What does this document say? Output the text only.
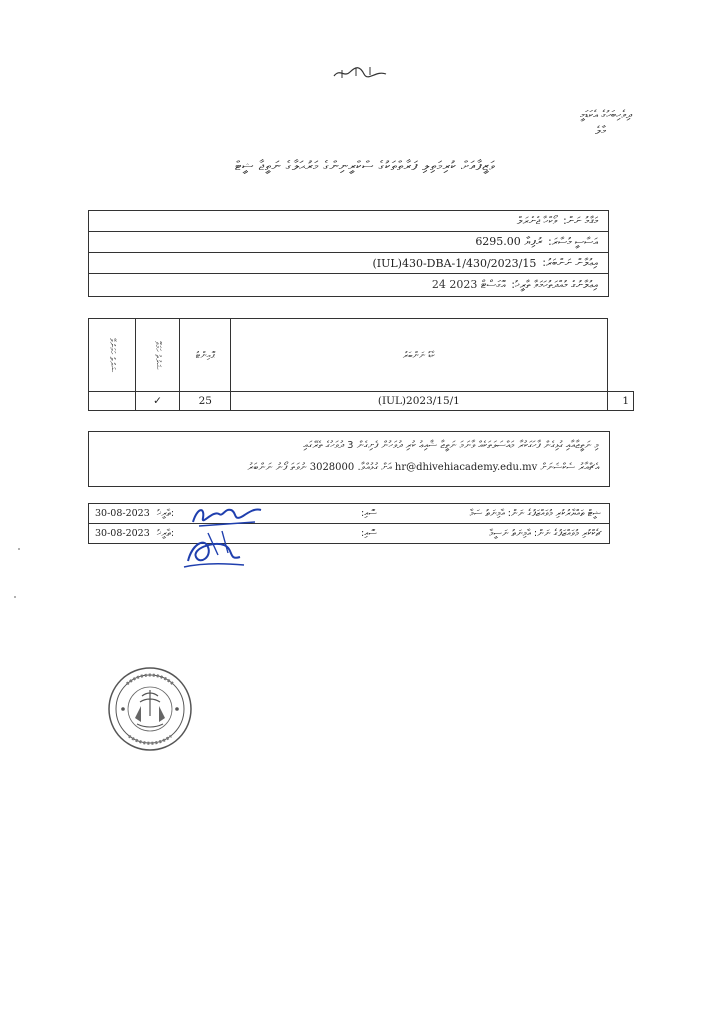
ދިވެހިބަހުގެ އެކަޑަމީ
މާލެ
ވަޒީފާއަށް ކުރިމަތިލި ފަރާތްތަކުގެ ސްކްރީނިންގެ މަރުޙަލާގެ ނަތީޖާ ޝީޓް
މަޤާމު ނަން:
ވޯކްހާ ޖެނެރަލް
އަސާސީ މުސާރަ:
6295.00 ރުފިޔާ
އިޢުލާން ނަންބަރު:
(IUL)430-DBA-1/430/2023/15
އިޢުލާނުގެ މުއްދަތުހަމަވާ ތާރީޚު:
24 އޮގަސްޓް 2023
ޝަރުތު ހަމަނުވޭ	ޝަރުތު ހަމަވޭ	ޕޮއިންޓު	ކާޑު ނަންބަރު	
	✓	25	(IUL)2023/15/1	1
މި ނަތީޖާއާއި ގުޅިގެން ފާހަގަކުރާ މައްސަލަތަކެއް ވާނަމަ ނަތީޖާ ޝާއިޢު ކުރި ދުވަހުން ފެށިގެން 3 ދުވަހުގެ ތެރޭގައި
އަށް ގުޅުއްވާ. 3028000 ނުވަތަ ފޯނު ނަންބަރު	hr@dhivehiacademy.edu.mv އެޗްއާރު ސެކްޝަނަށް
ޝީޓް ތައްޔާރުކުރި މުވައްޒަފުގެ ނަން: އާމިނަތު ސަމާ
ސޮއި:
30-08-2023 ތާރީޚު:
ޗެކްކުރި މުވައްޒަފުގެ ނަން: އާމިނަތު ނަސީމާ
ސޮއި:
30-08-2023 ތާރީޚު:
